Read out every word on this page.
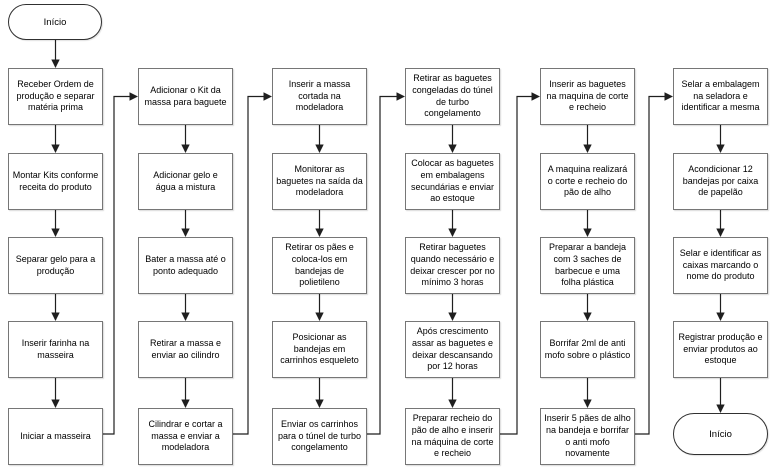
Início
Receber Ordem de produção e separar matéria prima
Montar Kits conforme receita do produto
Separar gelo para a produção
Inserir farinha na masseira
Iniciar a masseira
Adicionar o Kit da massa para baguete
Adicionar gelo e água a mistura
Bater a massa até o ponto adequado
Retirar a massa e enviar ao cilindro
Cilindrar e cortar a massa e enviar a modeladora
Inserir a massa cortada na modeladora
Monitorar as baguetes na saída da modeladora
Retirar os pães e coloca-los em bandejas de polietileno
Posicionar as bandejas em carrinhos esqueleto
Enviar os carrinhos para o túnel de turbo congelamento
Retirar as baguetes congeladas do túnel de turbo congelamento
Colocar as baguetes em embalagens secundárias e enviar ao estoque
Retirar baguetes quando necessário e deixar crescer por no mínimo 3 horas
Após crescimento assar as baguetes e deixar descansando por 12 horas
Preparar recheio do pão de alho e inserir na máquina de corte e recheio
Inserir as baguetes na maquina de corte e recheio
A maquina realizará o corte e recheio do pão de alho
Preparar a bandeja com 3 saches de barbecue e uma folha plástica
Borrifar 2ml de anti mofo sobre o plástico
Inserir 5 pães de alho na bandeja e borrifar o anti mofo novamente
Selar a embalagem na seladora e identificar a mesma
Acondicionar 12 bandejas por caixa de papelão
Selar e identificar as caixas marcando o nome do produto
Registrar produção e enviar produtos ao estoque
Início
